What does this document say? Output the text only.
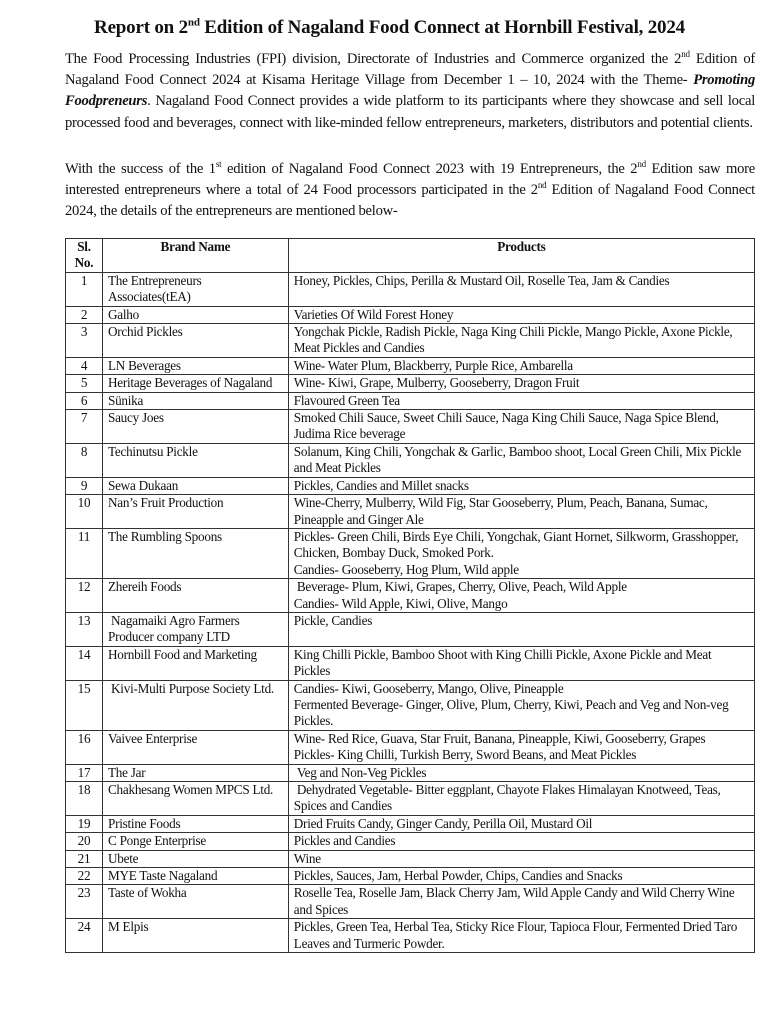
Report on 2nd Edition of Nagaland Food Connect at Hornbill Festival, 2024

The Food Processing Industries (FPI) division, Directorate of Industries and Commerce organized the 2nd Edition of Nagaland Food Connect 2024 at Kisama Heritage Village from December 1 – 10, 2024 with the Theme- Promoting Foodpreneurs. Nagaland Food Connect provides a wide platform to its participants where they showcase and sell local processed food and beverages, connect with like-minded fellow entrepreneurs, marketers, distributors and potential clients.

With the success of the 1st edition of Nagaland Food Connect 2023 with 19 Entrepreneurs, the 2nd Edition saw more interested entrepreneurs where a total of 24 Food processors participated in the 2nd Edition of Nagaland Food Connect 2024, the details of the entrepreneurs are mentioned below-

Sl. No.	Brand Name	Products
1	The Entrepreneurs Associates(tEA)	Honey, Pickles, Chips, Perilla & Mustard Oil, Roselle Tea, Jam & Candies

2	Galho	Varieties Of Wild Forest Honey

3	Orchid Pickles	Yongchak Pickle, Radish Pickle, Naga King Chili Pickle, Mango Pickle, Axone Pickle, Meat Pickles and Candies

4	LN Beverages	Wine- Water Plum, Blackberry, Purple Rice, Ambarella

5	Heritage Beverages of Nagaland	Wine- Kiwi, Grape, Mulberry, Gooseberry, Dragon Fruit

6	Sünika	Flavoured Green Tea

7	Saucy Joes	Smoked Chili Sauce, Sweet Chili Sauce, Naga King Chili Sauce, Naga Spice Blend, Judima Rice beverage

8	Techinutsu Pickle	Solanum, King Chili, Yongchak & Garlic, Bamboo shoot, Local Green Chili, Mix Pickle and Meat Pickles

9	Sewa Dukaan	Pickles, Candies and Millet snacks

10	Nan’s Fruit Production	Wine-Cherry, Mulberry, Wild Fig, Star Gooseberry, Plum, Peach, Banana, Sumac, Pineapple and Ginger Ale

11	The Rumbling Spoons	Pickles- Green Chili, Birds Eye Chili, Yongchak, Giant Hornet, Silkworm, Grasshopper, Chicken, Bombay Duck, Smoked Pork.
Candies- Gooseberry, Hog Plum, Wild apple

12	Zhereih Foods	Beverage- Plum, Kiwi, Grapes, Cherry, Olive, Peach, Wild Apple
Candies- Wild Apple, Kiwi, Olive, Mango

13	Nagamaiki Agro Farmers Producer company LTD	Pickle, Candies

14	Hornbill Food and Marketing	King Chilli Pickle, Bamboo Shoot with King Chilli Pickle, Axone Pickle and Meat Pickles

15	Kivi-Multi Purpose Society Ltd.	Candies- Kiwi, Gooseberry, Mango, Olive, Pineapple
Fermented Beverage- Ginger, Olive, Plum, Cherry, Kiwi, Peach and Veg and Non-veg Pickles.

16	Vaivee Enterprise	Wine- Red Rice, Guava, Star Fruit, Banana, Pineapple, Kiwi, Gooseberry, Grapes
Pickles- King Chilli, Turkish Berry, Sword Beans, and Meat Pickles

17	The Jar	Veg and Non-Veg Pickles

18	Chakhesang Women MPCS Ltd.	Dehydrated Vegetable- Bitter eggplant, Chayote Flakes Himalayan Knotweed, Teas, Spices and Candies

19	Pristine Foods	Dried Fruits Candy, Ginger Candy, Perilla Oil, Mustard Oil

20	C Ponge Enterprise	Pickles and Candies

21	Ubete	Wine

22	MYE Taste Nagaland	Pickles, Sauces, Jam, Herbal Powder, Chips, Candies and Snacks

23	Taste of Wokha	Roselle Tea, Roselle Jam, Black Cherry Jam, Wild Apple Candy and Wild Cherry Wine and Spices

24	M Elpis	Pickles, Green Tea, Herbal Tea, Sticky Rice Flour, Tapioca Flour, Fermented Dried Taro Leaves and Turmeric Powder.
